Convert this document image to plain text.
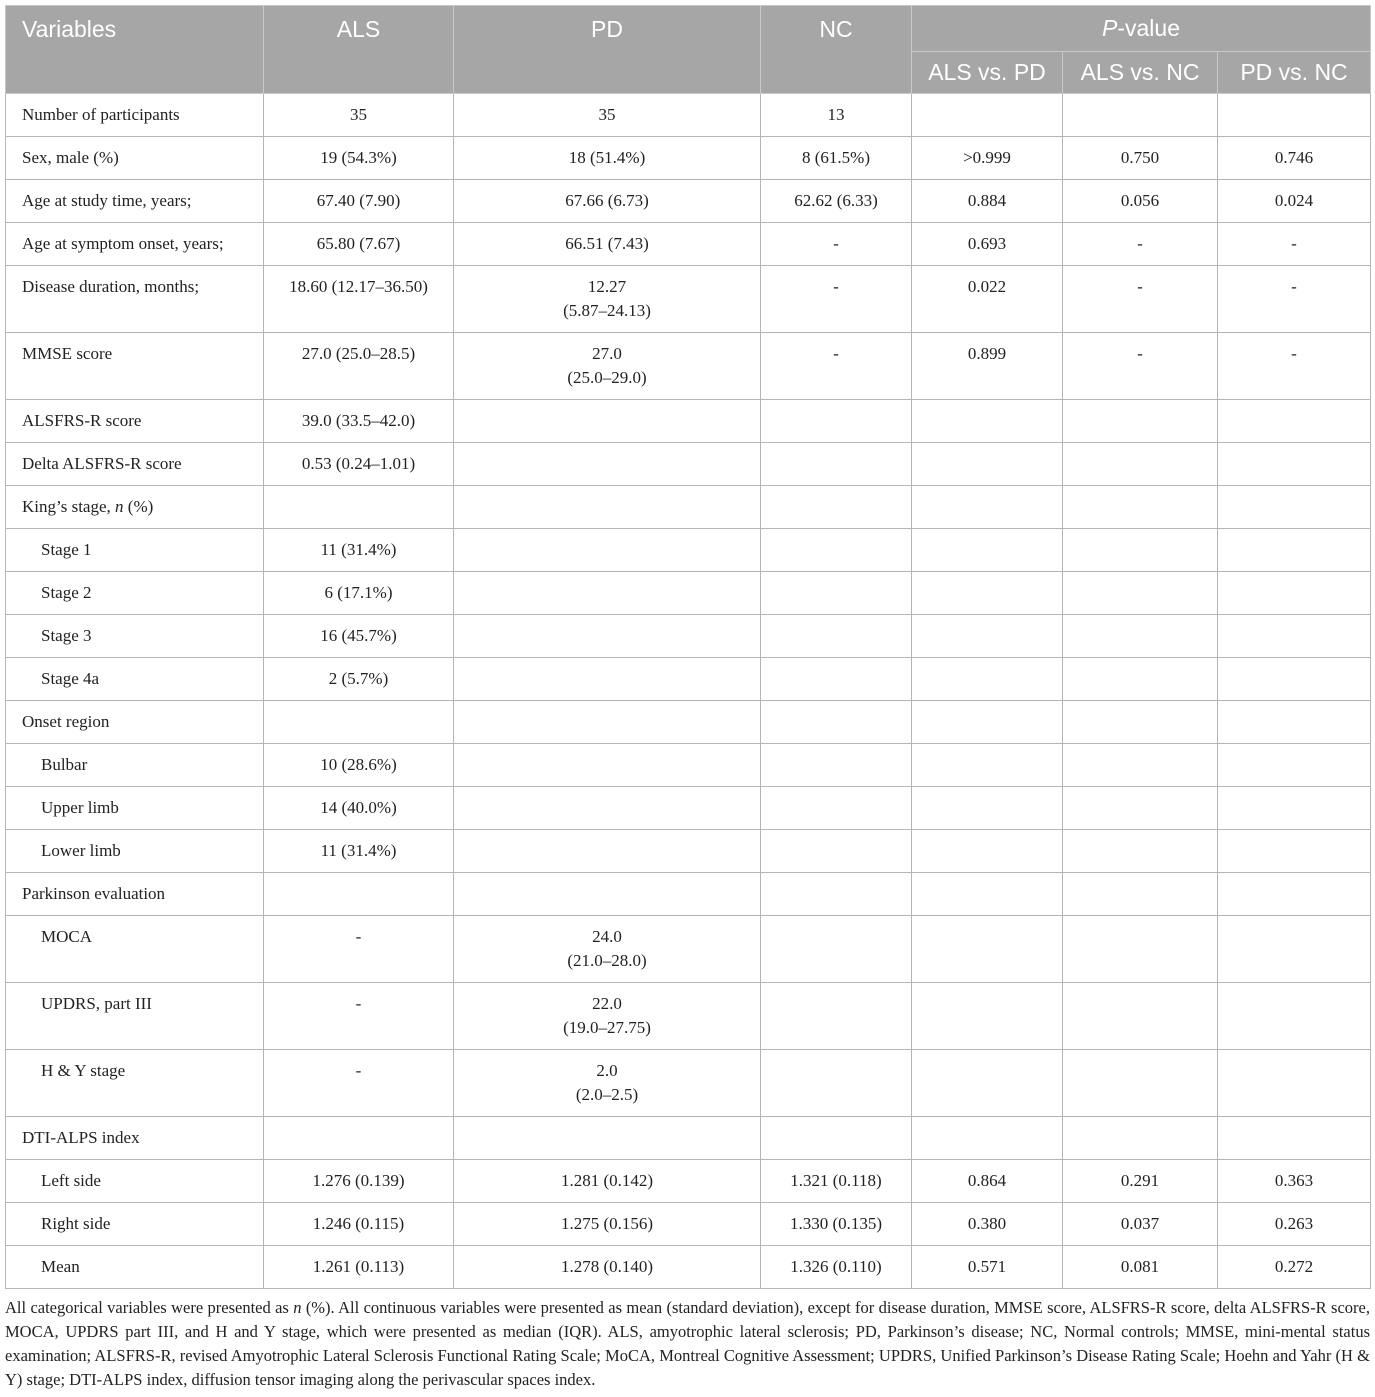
Variables	ALS	PD	NC	P-value		
				ALS vs. PD	ALS vs. NC	PD vs. NC

Number of participants	35	35	13			

Sex, male (%)	19 (54.3%)	18 (51.4%)	8 (61.5%)	>0.999	0.750	0.746

Age at study time, years;	67.40 (7.90)	67.66 (6.73)	62.62 (6.33)	0.884	0.056	0.024

Age at symptom onset, years;	65.80 (7.67)	66.51 (7.43)	-	0.693	-	-

Disease duration, months;	18.60 (12.17–36.50)	12.27
(5.87–24.13)	-	0.022	-	-

MMSE score	27.0 (25.0–28.5)	27.0
(25.0–29.0)	-	0.899	-	-

ALSFRS-R score	39.0 (33.5–42.0)					

Delta ALSFRS-R score	0.53 (0.24–1.01)					

King’s stage, n (%)						

Stage 1	11 (31.4%)					

Stage 2	6 (17.1%)					

Stage 3	16 (45.7%)					

Stage 4a	2 (5.7%)					

Onset region						

Bulbar	10 (28.6%)					

Upper limb	14 (40.0%)					

Lower limb	11 (31.4%)					

Parkinson evaluation						

MOCA	-	24.0
(21.0–28.0)				

UPDRS, part III	-	22.0
(19.0–27.75)				

H & Y stage	-	2.0
(2.0–2.5)				

DTI-ALPS index						

Left side	1.276 (0.139)	1.281 (0.142)	1.321 (0.118)	0.864	0.291	0.363

Right side	1.246 (0.115)	1.275 (0.156)	1.330 (0.135)	0.380	0.037	0.263

Mean	1.261 (0.113)	1.278 (0.140)	1.326 (0.110)	0.571	0.081	0.272
All categorical variables were presented as n (%). All continuous variables were presented as mean (standard deviation), except for disease duration, MMSE score, ALSFRS-R score, delta ALSFRS-R score, MOCA, UPDRS part III, and H and Y stage, which were presented as median (IQR). ALS, amyotrophic lateral sclerosis; PD, Parkinson’s disease; NC, Normal controls; MMSE, mini-mental status examination; ALSFRS-R, revised Amyotrophic Lateral Sclerosis Functional Rating Scale; MoCA, Montreal Cognitive Assessment; UPDRS, Unified Parkinson’s Disease Rating Scale; Hoehn and Yahr (H & Y) stage; DTI-ALPS index, diffusion tensor imaging along the perivascular spaces index.
